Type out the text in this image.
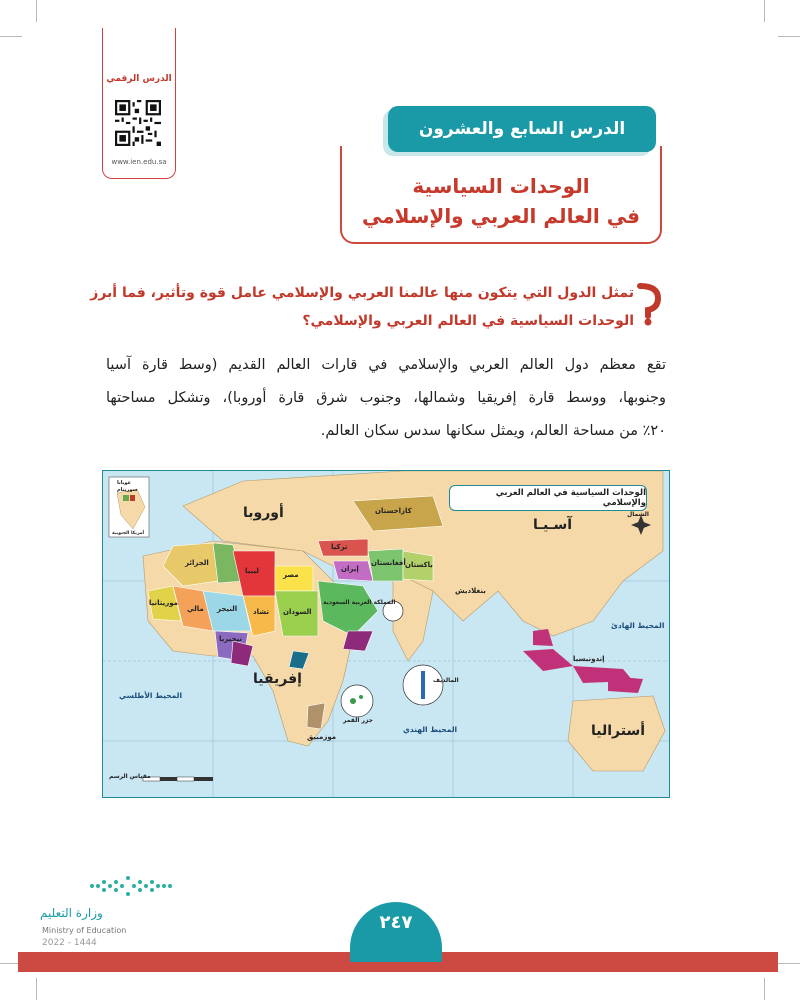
الدرس الرقمي
www.ien.edu.sa
الوحدات السياسية
في العالم العربي والإسلامي
الدرس السابع والعشرون
تمثل الدول التي يتكون منها عالمنا العربي والإسلامي عامل قوة وتأثير، فما أبرز
الوحدات السياسية في العالم العربي والإسلامي؟
تقع معظم دول العالم العربي والإسلامي في قارات العالم القديم (وسط قارة آسيا
وجنوبها، ووسط قارة إفريقيا وشمالها، وجنوب شرق قارة أوروبا)، وتشكل مساحتها
٢٠٪ من مساحة العالم، ويمثل سكانها سدس سكان العالم.
الوحدات السياسية في العالم العربي والإسلامي
أوروبا
آسـيـا
إفريقيا
أستراليا
المحيط الأطلسي
المحيط الهندي
المحيط الهادئ
مصر
السودان
الجزائر
ليبيا
مالي النيجر تشاد
نيجيريا
موريتانيا
كازاخستان
باكستان
أفغانستان
إيران
تركيا
المملكة العربية السعودية
إندونيسيا
بنغلاديش
جزر القمر
المالديف
موزمبيق
غويانا
سورينام
أمريكا الجنوبية
الشمال
مقياس الرسم
وزارة التعليم
Ministry of Education
2022 - 1444
٢٤٧
